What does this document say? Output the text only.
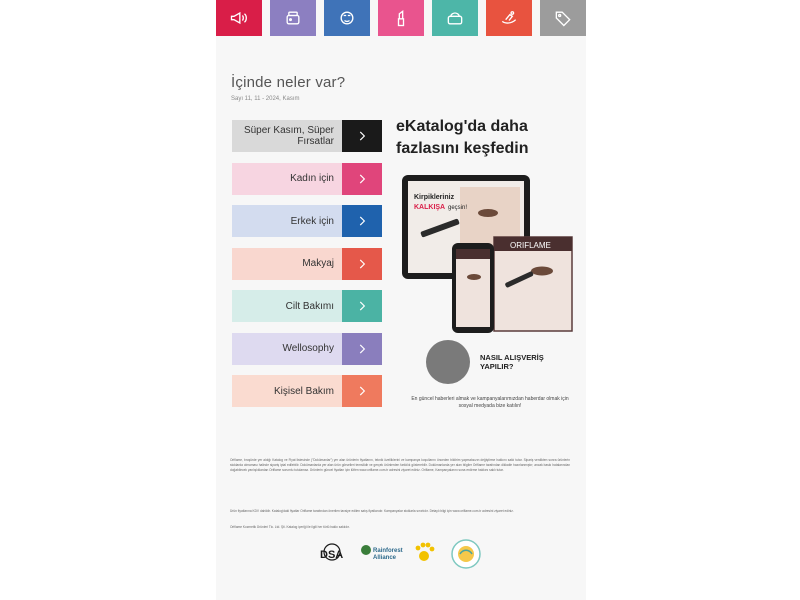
İçinde neler var?
Sayı 11, 11 - 2024, Kasım
Süper Kasım, Süper Fırsatlar
Kadın için
Erkek için
Makyaj
Cilt Bakımı
Wellosophy
Kişisel Bakım
eKatalog'da daha fazlasını keşfedin
Kirpikleriniz
KALKIŞA geçsin!
ORIFLAME
NASIL ALIŞVERİŞ YAPILIR?
En güncel haberleri almak ve kampanyalarımızdan haberdar olmak için sosyal medyada bize katılın!
Oriflame, broşürde yer aldığı Katalog ve Fiyat listesinde ("Dokümanlar") yer alan ürünlerin fiyatlarını, teknik özelliklerini ve kampanya koşullarını önceden bildirim yapmaksızın değiştirme hakkını saklı tutar. Sipariş verdikten sonra ürünlerin stoklarda olmaması halinde sipariş iptal edilebilir. Dokümanlarda yer alan ürün görselleri temsilidir ve gerçek ürünlerden farklılık gösterebilir. Dokümanlarda yer alan bilgiler Oriflame tarafından dikkatle hazırlanmıştır; ancak baskı hatalarından doğabilecek yanlışlıklardan Oriflame sorumlu tutulamaz. Ürünlerin güncel fiyatları için lütfen www.oriflame.com.tr adresini ziyaret ediniz. Oriflame, Kampanyalarını sona erdirme hakkını saklı tutar.
Ürün fiyatlarına KDV dahildir. Katalog'daki fiyatlar Oriflame tarafından önerilen tavsiye edilen satış fiyatlarıdır. Kampanyalar stoklarla sınırlıdır. Detaylı bilgi için www.oriflame.com.tr adresini ziyaret ediniz.
Oriflame Kozmetik Ürünleri Tic. Ltd. Şti. Katalog içeriği ile ilgili her türlü hakkı saklıdır.
DSA	Rainforest
Alliance
